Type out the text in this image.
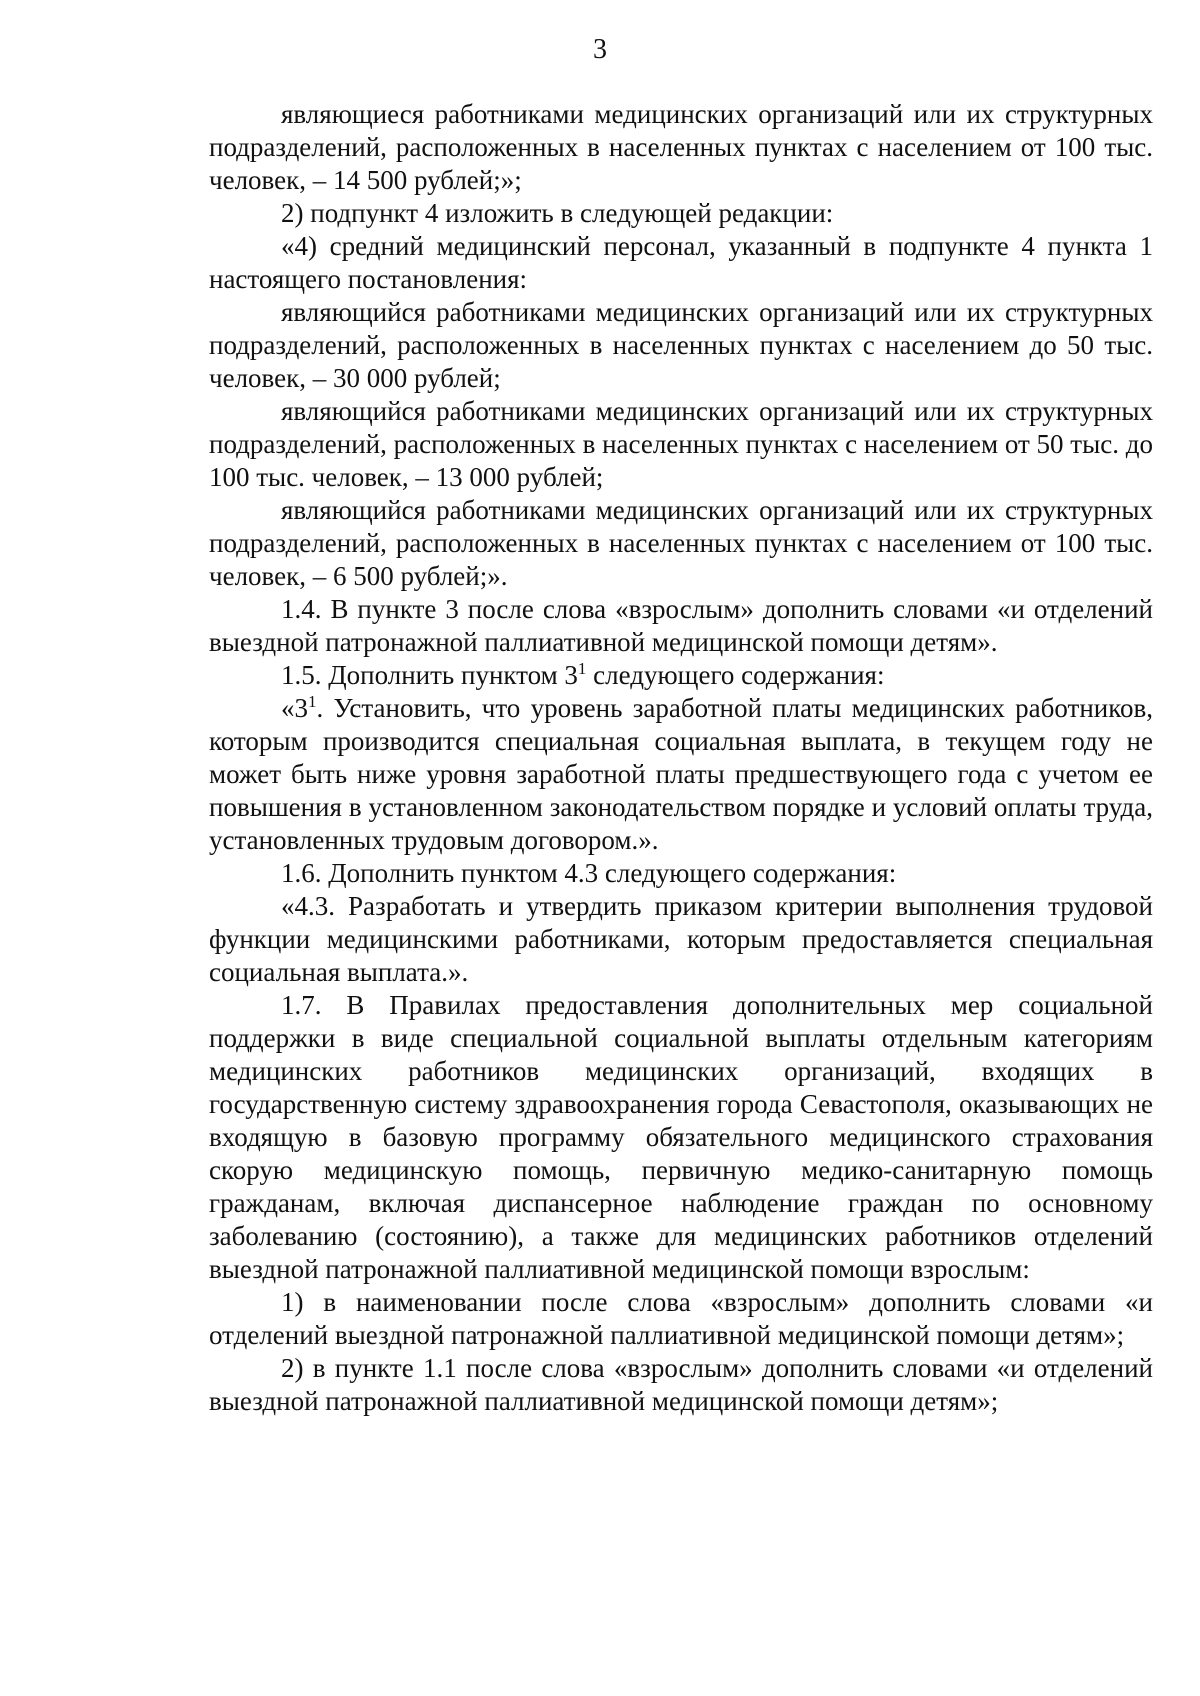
3

являющиеся работниками медицинских организаций или их структурных подразделений, расположенных в населенных пунктах с населением от 100 тыс. человек, – 14 500 рублей;»;

2) подпункт 4 изложить в следующей редакции:

«4) средний медицинский персонал, указанный в подпункте 4 пункта 1 настоящего постановления:

являющийся работниками медицинских организаций или их структурных подразделений, расположенных в населенных пунктах с населением до 50 тыс. человек, – 30 000 рублей;

являющийся работниками медицинских организаций или их структурных подразделений, расположенных в населенных пунктах с населением от 50 тыс. до 100 тыс. человек, – 13 000 рублей;

являющийся работниками медицинских организаций или их структурных подразделений, расположенных в населенных пунктах с населением от 100 тыс. человек, – 6 500 рублей;».

1.4. В пункте 3 после слова «взрослым» дополнить словами «и отделений выездной патронажной паллиативной медицинской помощи детям».

1.5. Дополнить пунктом $3^1$ следующего содержания:

«$3^1$. Установить, что уровень заработной платы медицинских работников, которым производится специальная социальная выплата, в текущем году не может быть ниже уровня заработной платы предшествующего года с учетом ее повышения в установленном законодательством порядке и условий оплаты труда, установленных трудовым договором.».

1.6. Дополнить пунктом 4.3 следующего содержания:

«4.3. Разработать и утвердить приказом критерии выполнения трудовой функции медицинскими работниками, которым предоставляется специальная социальная выплата.».

1.7. В Правилах предоставления дополнительных мер социальной поддержки в виде специальной социальной выплаты отдельным категориям медицинских работников медицинских организаций, входящих в государственную систему здравоохранения города Севастополя, оказывающих не входящую в базовую программу обязательного медицинского страхования скорую медицинскую помощь, первичную медико-санитарную помощь гражданам, включая диспансерное наблюдение граждан по основному заболеванию (состоянию), а также для медицинских работников отделений выездной патронажной паллиативной медицинской помощи взрослым:

1) в наименовании после слова «взрослым» дополнить словами «и отделений выездной патронажной паллиативной медицинской помощи детям»;

2) в пункте 1.1 после слова «взрослым» дополнить словами «и отделений выездной патронажной паллиативной медицинской помощи детям»;
